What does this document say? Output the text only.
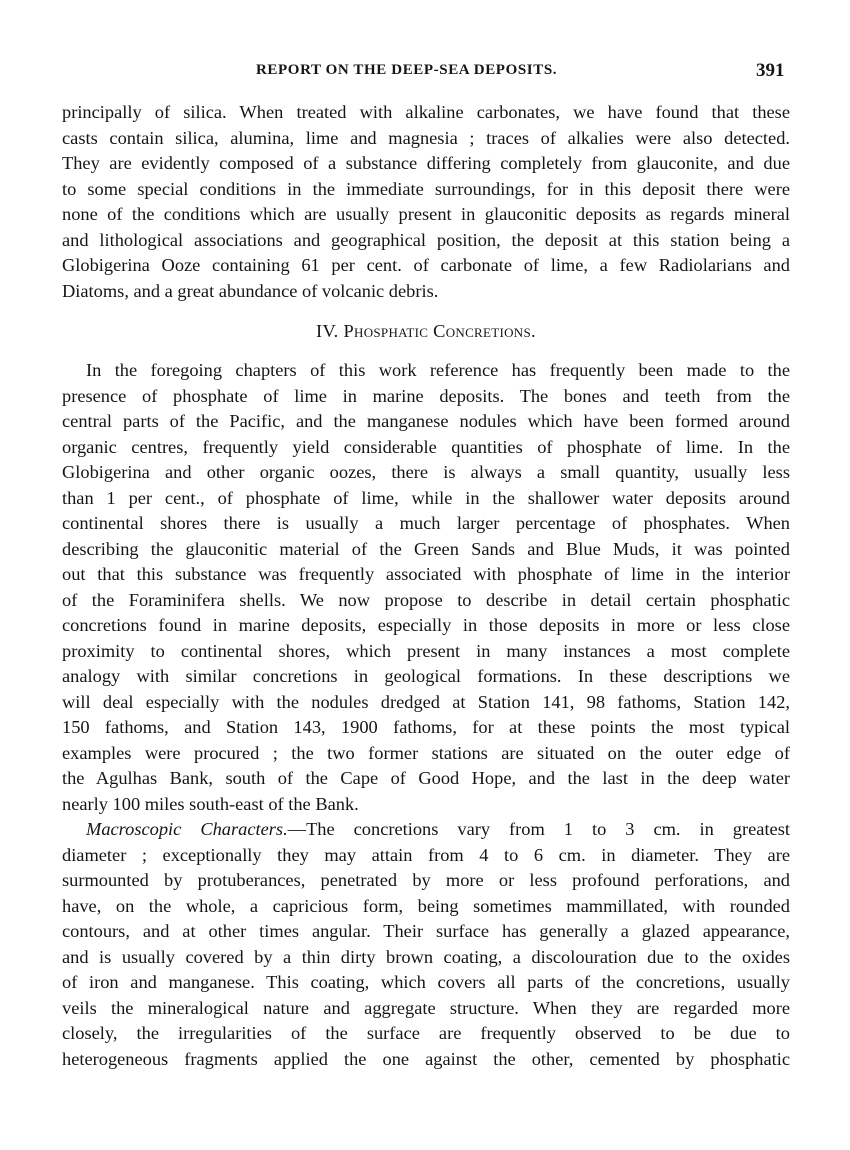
REPORT ON THE DEEP-SEA DEPOSITS.	391
principally of silica. When treated with alkaline carbonates, we have found that these
casts contain silica, alumina, lime and magnesia ; traces of alkalies were also detected.
They are evidently composed of a substance differing completely from glauconite, and due
to some special conditions in the immediate surroundings, for in this deposit there were
none of the conditions which are usually present in glauconitic deposits as regards mineral
and lithological associations and geographical position, the deposit at this station being a
Globigerina Ooze containing 61 per cent. of carbonate of lime, a few Radiolarians and
Diatoms, and a great abundance of volcanic debris.
IV. Phosphatic Concretions.
In the foregoing chapters of this work reference has frequently been made to the
presence of phosphate of lime in marine deposits. The bones and teeth from the
central parts of the Pacific, and the manganese nodules which have been formed around
organic centres, frequently yield considerable quantities of phosphate of lime. In the
Globigerina and other organic oozes, there is always a small quantity, usually less
than 1 per cent., of phosphate of lime, while in the shallower water deposits around
continental shores there is usually a much larger percentage of phosphates. When
describing the glauconitic material of the Green Sands and Blue Muds, it was pointed
out that this substance was frequently associated with phosphate of lime in the interior
of the Foraminifera shells. We now propose to describe in detail certain phosphatic
concretions found in marine deposits, especially in those deposits in more or less close
proximity to continental shores, which present in many instances a most complete
analogy with similar concretions in geological formations. In these descriptions we
will deal especially with the nodules dredged at Station 141, 98 fathoms, Station 142,
150 fathoms, and Station 143, 1900 fathoms, for at these points the most typical
examples were procured ; the two former stations are situated on the outer edge of
the Agulhas Bank, south of the Cape of Good Hope, and the last in the deep water
nearly 100 miles south-east of the Bank.
Macroscopic Characters.—The concretions vary from 1 to 3 cm. in greatest
diameter ; exceptionally they may attain from 4 to 6 cm. in diameter. They are
surmounted by protuberances, penetrated by more or less profound perforations, and
have, on the whole, a capricious form, being sometimes mammillated, with rounded
contours, and at other times angular. Their surface has generally a glazed appearance,
and is usually covered by a thin dirty brown coating, a discolouration due to the oxides
of iron and manganese. This coating, which covers all parts of the concretions, usually
veils the mineralogical nature and aggregate structure. When they are regarded more
closely, the irregularities of the surface are frequently observed to be due to
heterogeneous fragments applied the one against the other, cemented by phosphatic
